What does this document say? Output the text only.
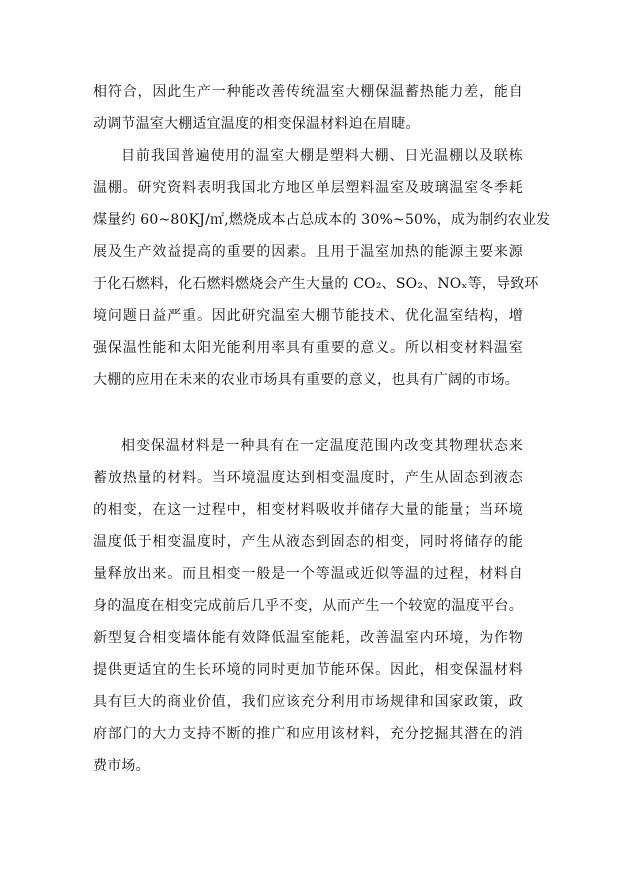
相符合，因此生产一种能改善传统温室大棚保温蓄热能力差，能自
动调节温室大棚适宜温度的相变保温材料迫在眉睫。
目前我国普遍使用的温室大棚是塑料大棚、日光温棚以及联栋
温棚。研究资料表明我国北方地区单层塑料温室及玻璃温室冬季耗
煤量约 60~80KJ/㎡,燃烧成本占总成本的 30%~50%，成为制约农业发
展及生产效益提高的重要的因素。且用于温室加热的能源主要来源
于化石燃料，化石燃料燃烧会产生大量的 CO₂、SO₂、NOₓ等，导致环
境问题日益严重。因此研究温室大棚节能技术、优化温室结构，增
强保温性能和太阳光能利用率具有重要的意义。所以相变材料温室
大棚的应用在未来的农业市场具有重要的意义，也具有广阔的市场。
相变保温材料是一种具有在一定温度范围内改变其物理状态来
蓄放热量的材料。当环境温度达到相变温度时，产生从固态到液态
的相变，在这一过程中，相变材料吸收并储存大量的能量；当环境
温度低于相变温度时，产生从液态到固态的相变，同时将储存的能
量释放出来。而且相变一般是一个等温或近似等温的过程，材料自
身的温度在相变完成前后几乎不变，从而产生一个较宽的温度平台。
新型复合相变墙体能有效降低温室能耗，改善温室内环境，为作物
提供更适宜的生长环境的同时更加节能环保。因此，相变保温材料
具有巨大的商业价值，我们应该充分利用市场规律和国家政策，政
府部门的大力支持不断的推广和应用该材料，充分挖掘其潜在的消
费市场。
